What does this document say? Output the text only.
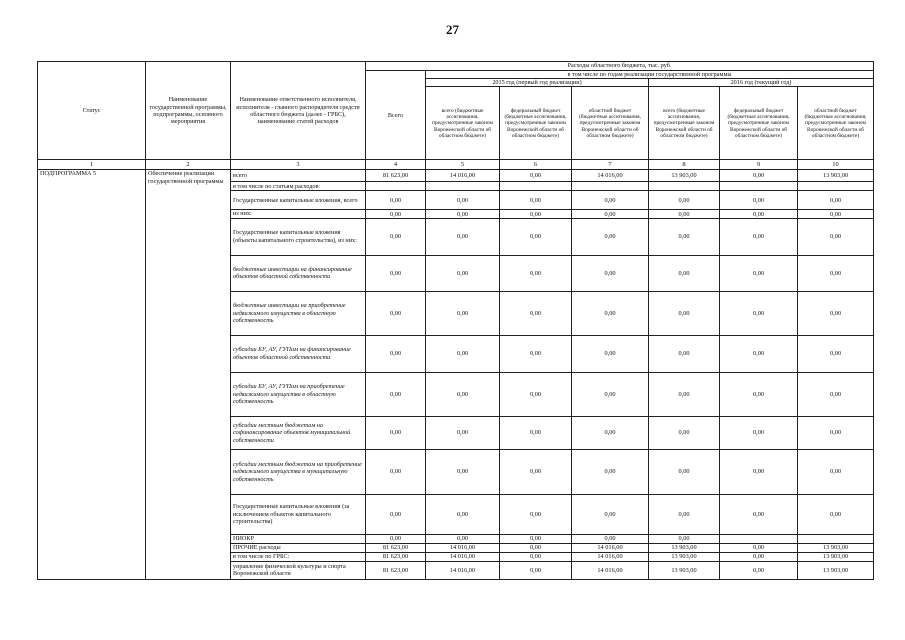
27
Статус	Наименование государственной программы, подпрограммы, основного мероприятия	Наименование ответственного исполнителя, исполнителя - главного распорядителя средств областного бюджета (далее - ГРБС), наименование статей расходов	Расходы областного бюджета, тыс. руб.						
			Всего	в том числе по годам реализации государственной программы					
				2015 год (первый год реализации)			2016 год (текущий год)		
				всего (бюджетные ассигнования, предусмотренные законом Воронежской области об областном бюджете)	федеральный бюджет (бюджетные ассигнования, предусмотренные законом Воронежской области об областном бюджете)	областной бюджет (бюджетные ассигнования, предусмотренные законом Воронежской области об областном бюджете)	всего (бюджетные ассигнования, предусмотренные законом Воронежской области об областном бюджете)	федеральный бюджет (бюджетные ассигнования, предусмотренные законом Воронежской области об областном бюджете)	областной бюджет (бюджетные ассигнования, предусмотренные законом Воронежской области об областном бюджете)
1	2	3	4	5	6	7	8	9	10
ПОДПРОГРАММА 5	Обеспечение реализации государственной программы	всего	81 623,00	14 016,00	0,00	14 016,00	13 903,00	0,00	13 903,00
		в том числе по статьям расходов:							
		Государственные капитальные вложения, всего	0,00	0,00	0,00	0,00	0,00	0,00	0,00
		из них:	0,00	0,00	0,00	0,00	0,00	0,00	0,00
		Государственные капитальные вложения (объекты капитального строительства), из них:	0,00	0,00	0,00	0,00	0,00	0,00	0,00
		бюджетные инвестиции на финансирование объектов областной собственности	0,00	0,00	0,00	0,00	0,00	0,00	0,00
		бюджетные инвестиции на приобретение недвижимого имущества в областную собственность	0,00	0,00	0,00	0,00	0,00	0,00	0,00
		субсидии БУ, АУ, ГУПам на финансирование объектов областной собственности	0,00	0,00	0,00	0,00	0,00	0,00	0,00
		субсидии БУ, АУ, ГУПам на приобретение недвижимого имущества в областную собственность	0,00	0,00	0,00	0,00	0,00	0,00	0,00
		субсидии местным бюджетам на софинансирование объектов муниципальной собственности	0,00	0,00	0,00	0,00	0,00	0,00	0,00
		субсидии местным бюджетам на приобретение недвижимого имущества в муниципальную собственность	0,00	0,00	0,00	0,00	0,00	0,00	0,00
		Государственные капитальные вложения (за исключением объектов капитального строительства)	0,00	0,00	0,00	0,00	0,00	0,00	0,00
		НИОКР	0,00	0,00	0,00	0,00	0,00		
		ПРОЧИЕ расходы	81 623,00	14 016,00	0,00	14 016,00	13 903,00	0,00	13 903,00
		в том числе по ГРБС:	81 623,00	14 016,00	0,00	14 016,00	13 903,00	0,00	13 903,00
		управление физической культуры и спорта Воронежской области	81 623,00	14 016,00	0,00	14 016,00	13 903,00	0,00	13 903,00
